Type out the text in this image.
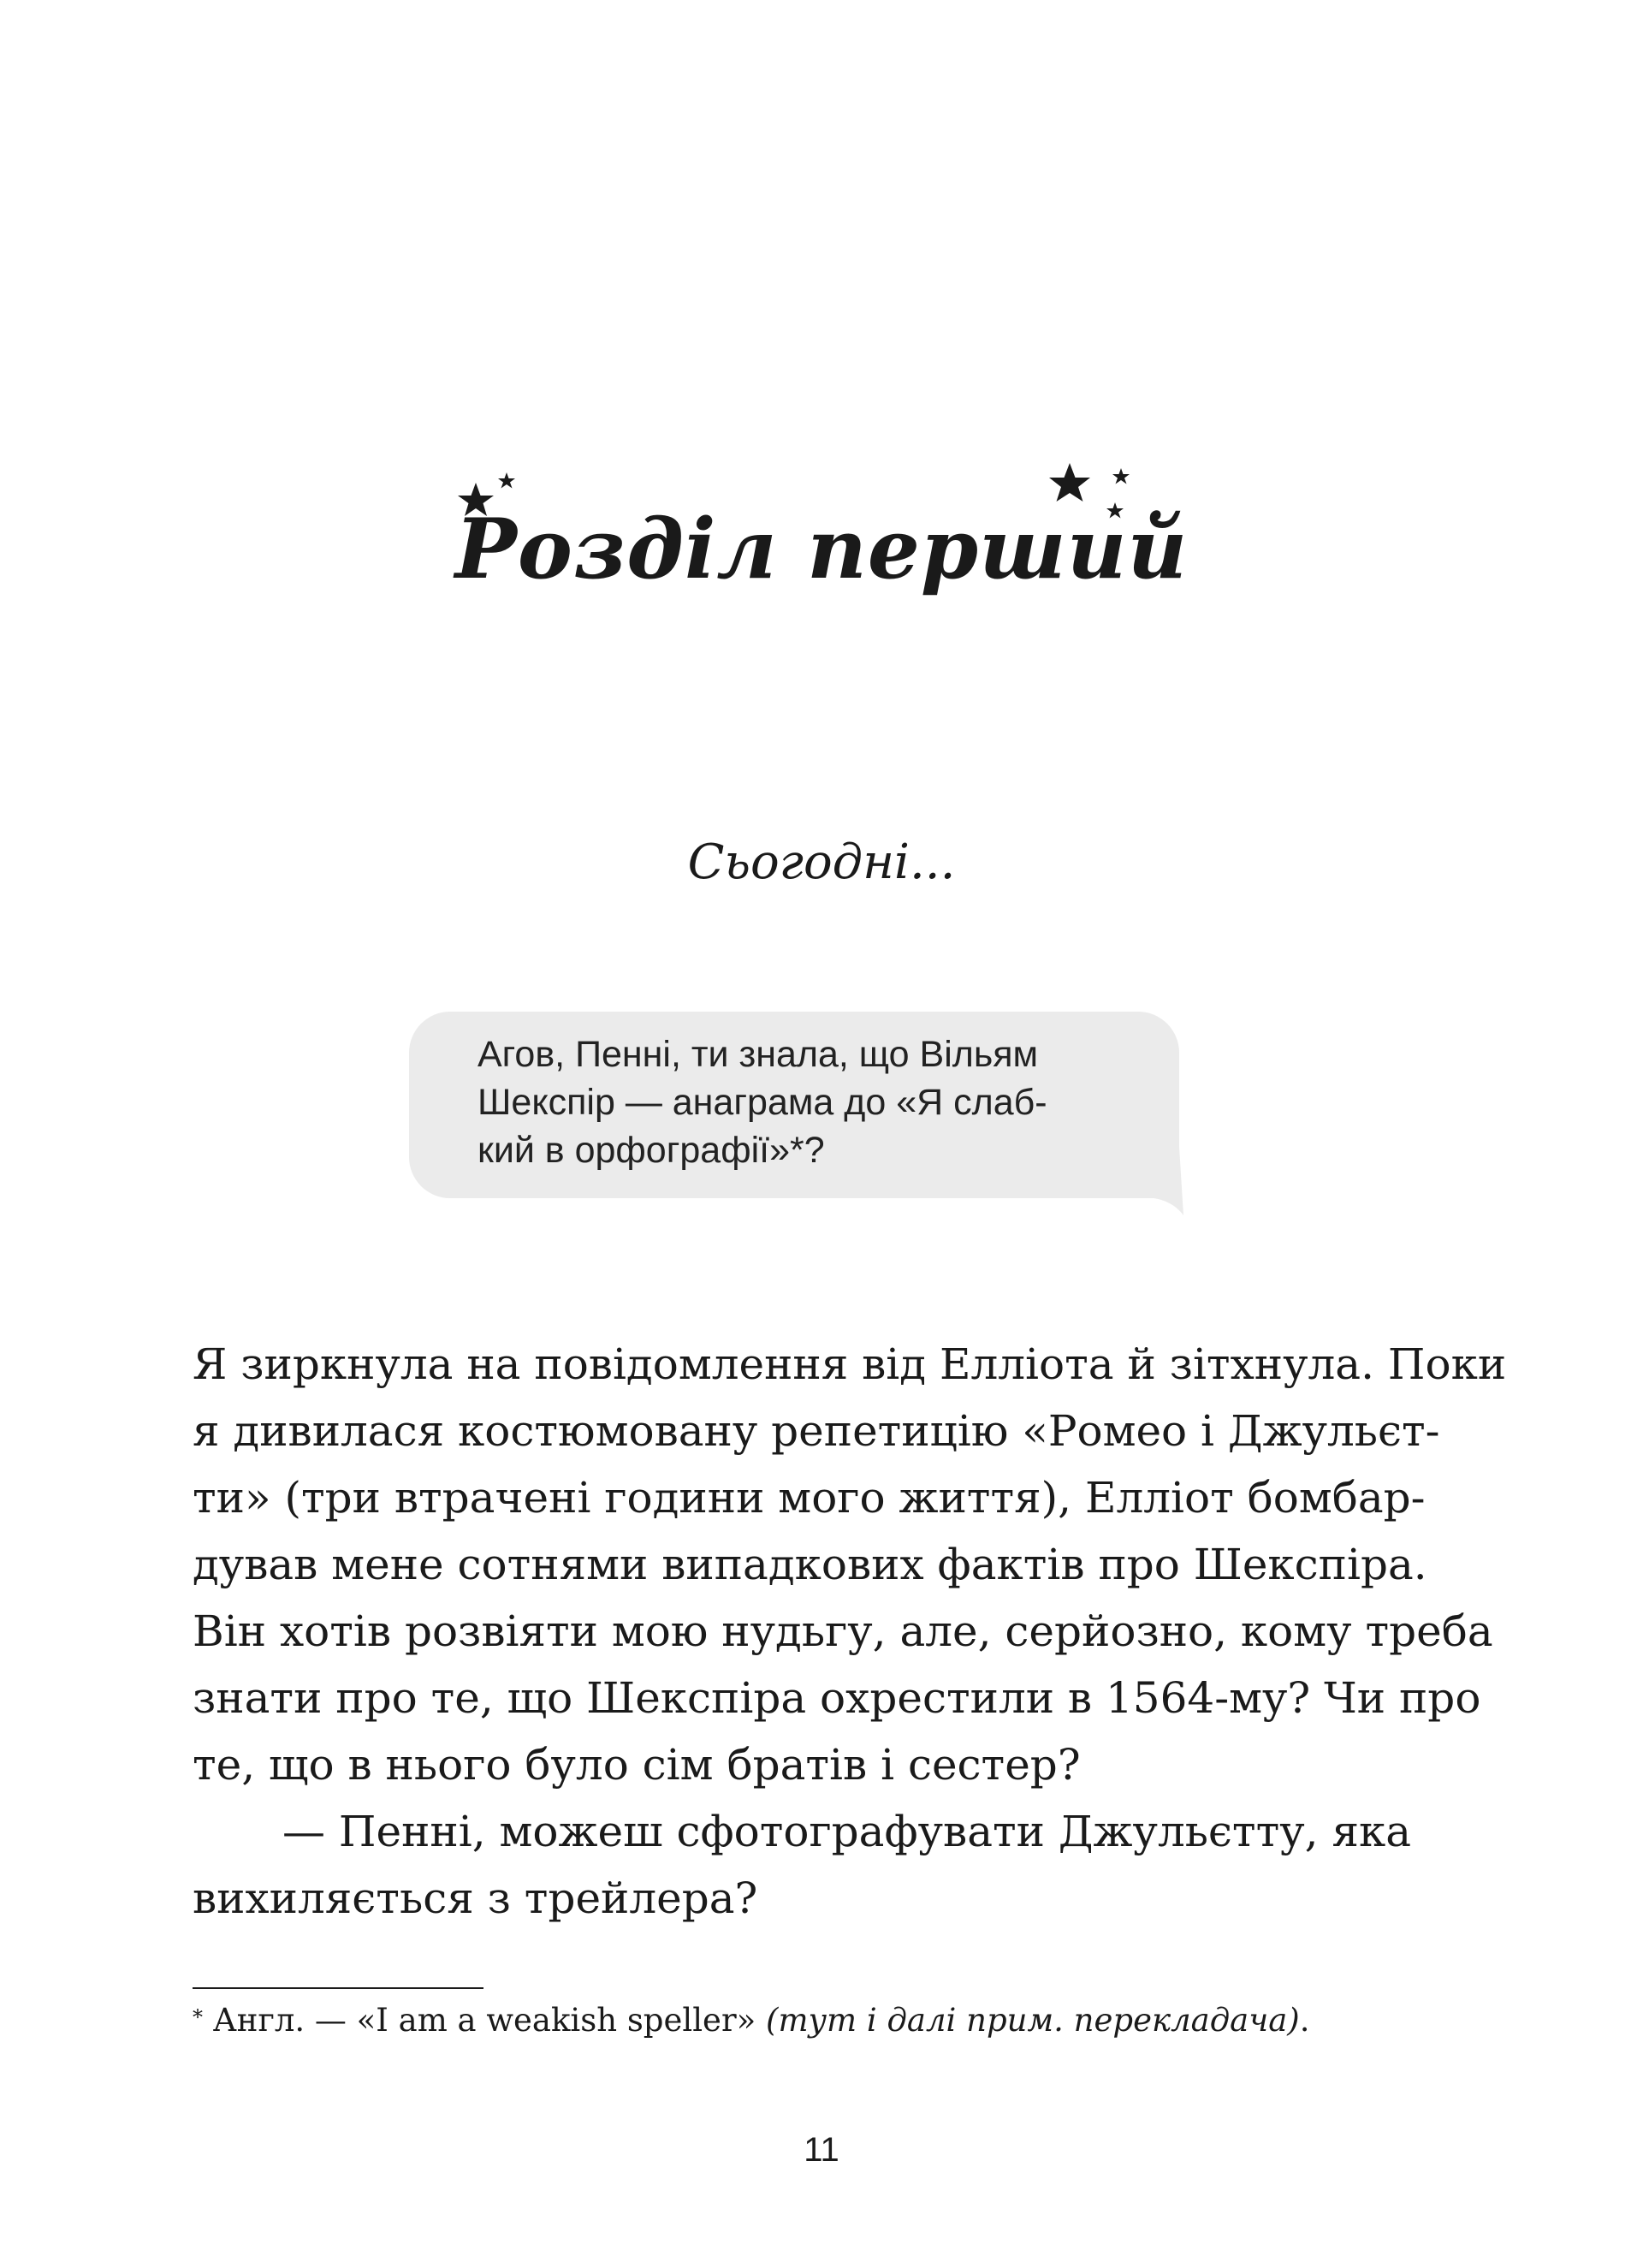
Розділ перший
Сьогодні...
Агов, Пенні, ти знала, що Вільям
Шекспір — анаграма до «Я слаб-
кий в орфографії»*?
Я зиркнула на повідомлення від Елліота й зітхнула. Поки
я дивилася костюмовану репетицію «Ромео і Джульєт-
ти» (три втрачені години мого життя), Елліот бомбар-
дував мене сотнями випадкових фактів про Шекспіра.
Він хотів розвіяти мою нудьгу, але, серйозно, кому треба
знати про те, що Шекспіра охрестили в 1564-му? Чи про
те, що в нього було сім братів і сестер?
— Пенні, можеш сфотографувати Джульєтту, яка
вихиляється з трейлера?
* Англ. — «I am a weakish speller» (тут і далі прим. перекладача).
11
